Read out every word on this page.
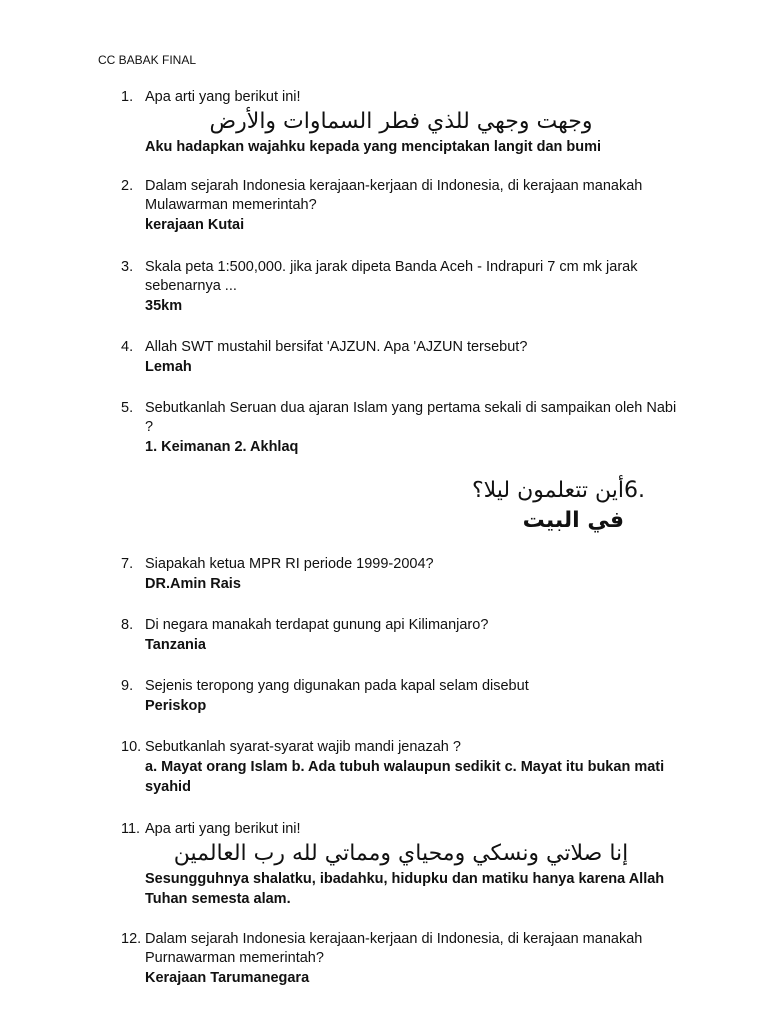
CC BABAK FINAL
1. Apa arti yang berikut ini!
وجهت وجهي للذي فطر السماوات والأرض
Aku hadapkan wajahku kepada yang menciptakan langit dan bumi
2. Dalam sejarah Indonesia kerajaan-kerjaan di Indonesia, di kerajaan manakah Mulawarman memerintah?
kerajaan Kutai
3. Skala peta 1:500,000. jika jarak dipeta Banda Aceh - Indrapuri 7 cm mk jarak sebenarnya ...
35km
4. Allah SWT mustahil bersifat 'AJZUN. Apa 'AJZUN tersebut?
Lemah
5. Sebutkanlah Seruan dua ajaran Islam yang pertama sekali di sampaikan oleh Nabi ?
1. Keimanan 2. Akhlaq
.6أين تتعلمون ليلا؟
في البيت
7. Siapakah ketua MPR RI periode 1999-2004?
DR.Amin Rais
8. Di negara manakah terdapat gunung api Kilimanjaro?
Tanzania
9. Sejenis teropong yang digunakan pada kapal selam disebut
Periskop
10. Sebutkanlah syarat-syarat wajib mandi jenazah ?
a. Mayat orang Islam b. Ada tubuh walaupun sedikit c. Mayat itu bukan mati syahid
11. Apa arti yang berikut ini!
إنا صلاتي ونسكي ومحياي ومماتي لله رب العالمين
Sesungguhnya shalatku, ibadahku, hidupku dan matiku hanya karena Allah Tuhan semesta alam.
12. Dalam sejarah Indonesia kerajaan-kerjaan di Indonesia, di kerajaan manakah Purnawarman memerintah?
Kerajaan Tarumanegara
